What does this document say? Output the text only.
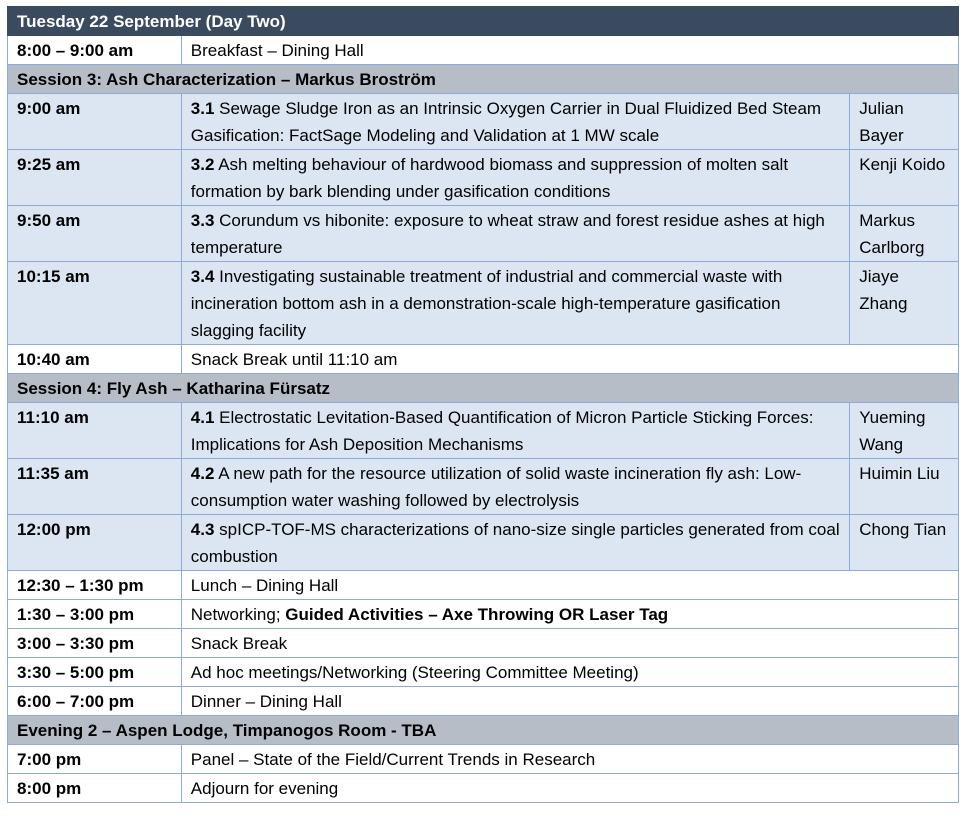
Tuesday 22 September (Day Two)		
8:00 – 9:00 am	Breakfast – Dining Hall	
Session 3: Ash Characterization – Markus Broström		
9:00 am	3.1 Sewage Sludge Iron as an Intrinsic Oxygen Carrier in Dual Fluidized Bed Steam Gasification: FactSage Modeling and Validation at 1 MW scale	Julian Bayer
9:25 am	3.2 Ash melting behaviour of hardwood biomass and suppression of molten salt formation by bark blending under gasification conditions	Kenji Koido
9:50 am	3.3 Corundum vs hibonite: exposure to wheat straw and forest residue ashes at high temperature	Markus Carlborg
10:15 am	3.4 Investigating sustainable treatment of industrial and commercial waste with incineration bottom ash in a demonstration-scale high-temperature gasification slagging facility	Jiaye Zhang
10:40 am	Snack Break until 11:10 am	
Session 4: Fly Ash – Katharina Fürsatz		
11:10 am	4.1 Electrostatic Levitation-Based Quantification of Micron Particle Sticking Forces: Implications for Ash Deposition Mechanisms	Yueming Wang
11:35 am	4.2 A new path for the resource utilization of solid waste incineration fly ash: Low-consumption water washing followed by electrolysis	Huimin Liu
12:00 pm	4.3 spICP-TOF-MS characterizations of nano-size single particles generated from coal combustion	Chong Tian
12:30 – 1:30 pm	Lunch – Dining Hall	
1:30 – 3:00 pm	Networking; Guided Activities – Axe Throwing OR Laser Tag	
3:00 – 3:30 pm	Snack Break	
3:30 – 5:00 pm	Ad hoc meetings/Networking (Steering Committee Meeting)	
6:00 – 7:00 pm	Dinner – Dining Hall	
Evening 2 – Aspen Lodge, Timpanogos Room - TBA		
7:00 pm	Panel – State of the Field/Current Trends in Research	
8:00 pm	Adjourn for evening	
